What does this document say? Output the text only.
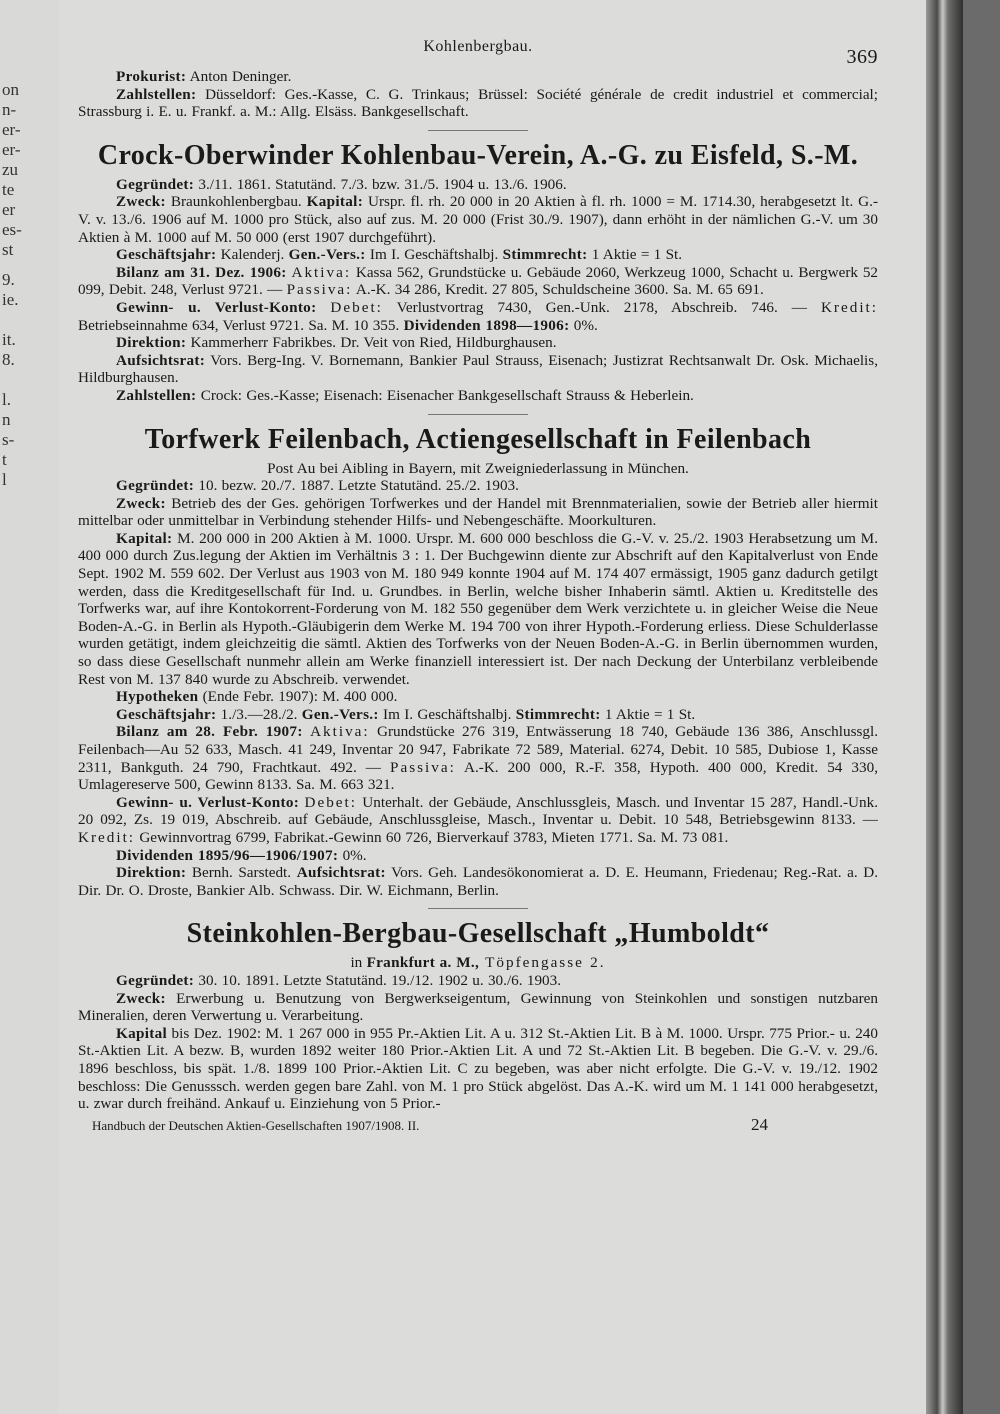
on
n-
er-
er-
zu
te
er
es-
st
9.
ie.
it.
8.
l.
n
s-
t
l
Kohlenbergbau.	369

Prokurist: Anton Deninger.

Zahlstellen: Düsseldorf: Ges.-Kasse, C. G. Trinkaus; Brüssel: Société générale de credit industriel et commercial; Strassburg i. E. u. Frankf. a. M.: Allg. Elsäss. Bankgesellschaft.

Crock-Oberwinder Kohlenbau-Verein, A.-G. zu Eisfeld, S.-M.

Gegründet: 3./11. 1861. Statutänd. 7./3. bzw. 31./5. 1904 u. 13./6. 1906.

Zweck: Braunkohlenbergbau. Kapital: Urspr. fl. rh. 20 000 in 20 Aktien à fl. rh. 1000 = M. 1714.30, herabgesetzt lt. G.-V. v. 13./6. 1906 auf M. 1000 pro Stück, also auf zus. M. 20 000 (Frist 30./9. 1907), dann erhöht in der nämlichen G.-V. um 30 Aktien à M. 1000 auf M. 50 000 (erst 1907 durchgeführt).

Geschäftsjahr: Kalenderj. Gen.-Vers.: Im I. Geschäftshalbj. Stimmrecht: 1 Aktie = 1 St.

Bilanz am 31. Dez. 1906: Aktiva: Kassa 562, Grundstücke u. Gebäude 2060, Werkzeug 1000, Schacht u. Bergwerk 52 099, Debit. 248, Verlust 9721. — Passiva: A.-K. 34 286, Kredit. 27 805, Schuldscheine 3600. Sa. M. 65 691.

Gewinn- u. Verlust-Konto: Debet: Verlustvortrag 7430, Gen.-Unk. 2178, Abschreib. 746. — Kredit: Betriebseinnahme 634, Verlust 9721. Sa. M. 10 355. Dividenden 1898—1906: 0%.

Direktion: Kammerherr Fabrikbes. Dr. Veit von Ried, Hildburghausen.

Aufsichtsrat: Vors. Berg-Ing. V. Bornemann, Bankier Paul Strauss, Eisenach; Justizrat Rechtsanwalt Dr. Osk. Michaelis, Hildburghausen.

Zahlstellen: Crock: Ges.-Kasse; Eisenach: Eisenacher Bankgesellschaft Strauss & Heberlein.

Torfwerk Feilenbach, Actiengesellschaft in Feilenbach

Post Au bei Aibling in Bayern, mit Zweigniederlassung in München.

Gegründet: 10. bezw. 20./7. 1887. Letzte Statutänd. 25./2. 1903.

Zweck: Betrieb des der Ges. gehörigen Torfwerkes und der Handel mit Brennmaterialien, sowie der Betrieb aller hiermit mittelbar oder unmittelbar in Verbindung stehender Hilfs- und Nebengeschäfte. Moorkulturen.

Kapital: M. 200 000 in 200 Aktien à M. 1000. Urspr. M. 600 000 beschloss die G.-V. v. 25./2. 1903 Herabsetzung um M. 400 000 durch Zus.legung der Aktien im Verhältnis 3 : 1. Der Buchgewinn diente zur Abschrift auf den Kapitalverlust von Ende Sept. 1902 M. 559 602. Der Verlust aus 1903 von M. 180 949 konnte 1904 auf M. 174 407 ermässigt, 1905 ganz dadurch getilgt werden, dass die Kreditgesellschaft für Ind. u. Grundbes. in Berlin, welche bisher Inhaberin sämtl. Aktien u. Kreditstelle des Torfwerks war, auf ihre Kontokorrent-Forderung von M. 182 550 gegenüber dem Werk verzichtete u. in gleicher Weise die Neue Boden-A.-G. in Berlin als Hypoth.-Gläubigerin dem Werke M. 194 700 von ihrer Hypoth.-Forderung erliess. Diese Schulderlasse wurden getätigt, indem gleichzeitig die sämtl. Aktien des Torfwerks von der Neuen Boden-A.-G. in Berlin übernommen wurden, so dass diese Gesellschaft nunmehr allein am Werke finanziell interessiert ist. Der nach Deckung der Unterbilanz verbleibende Rest von M. 137 840 wurde zu Abschreib. verwendet.

Hypotheken (Ende Febr. 1907): M. 400 000.

Geschäftsjahr: 1./3.—28./2. Gen.-Vers.: Im I. Geschäftshalbj. Stimmrecht: 1 Aktie = 1 St.

Bilanz am 28. Febr. 1907: Aktiva: Grundstücke 276 319, Entwässerung 18 740, Gebäude 136 386, Anschlussgl. Feilenbach—Au 52 633, Masch. 41 249, Inventar 20 947, Fabrikate 72 589, Material. 6274, Debit. 10 585, Dubiose 1, Kasse 2311, Bankguth. 24 790, Frachtkaut. 492. — Passiva: A.-K. 200 000, R.-F. 358, Hypoth. 400 000, Kredit. 54 330, Umlagereserve 500, Gewinn 8133. Sa. M. 663 321.

Gewinn- u. Verlust-Konto: Debet: Unterhalt. der Gebäude, Anschlussgleis, Masch. und Inventar 15 287, Handl.-Unk. 20 092, Zs. 19 019, Abschreib. auf Gebäude, Anschlussgleise, Masch., Inventar u. Debit. 10 548, Betriebsgewinn 8133. — Kredit: Gewinnvortrag 6799, Fabrikat.-Gewinn 60 726, Bierverkauf 3783, Mieten 1771. Sa. M. 73 081.

Dividenden 1895/96—1906/1907: 0%.

Direktion: Bernh. Sarstedt. Aufsichtsrat: Vors. Geh. Landesökonomierat a. D. E. Heumann, Friedenau; Reg.-Rat. a. D. Dir. Dr. O. Droste, Bankier Alb. Schwass. Dir. W. Eichmann, Berlin.

Steinkohlen-Bergbau-Gesellschaft „Humboldt“

in Frankfurt a. M., Töpfengasse 2.

Gegründet: 30. 10. 1891. Letzte Statutänd. 19./12. 1902 u. 30./6. 1903.

Zweck: Erwerbung u. Benutzung von Bergwerkseigentum, Gewinnung von Steinkohlen und sonstigen nutzbaren Mineralien, deren Verwertung u. Verarbeitung.

Kapital bis Dez. 1902: M. 1 267 000 in 955 Pr.-Aktien Lit. A u. 312 St.-Aktien Lit. B à M. 1000. Urspr. 775 Prior.- u. 240 St.-Aktien Lit. A bezw. B, wurden 1892 weiter 180 Prior.-Aktien Lit. A und 72 St.-Aktien Lit. B begeben. Die G.-V. v. 29./6. 1896 beschloss, bis spät. 1./8. 1899 100 Prior.-Aktien Lit. C zu begeben, was aber nicht erfolgte. Die G.-V. v. 19./12. 1902 beschloss: Die Genusssch. werden gegen bare Zahl. von M. 1 pro Stück abgelöst. Das A.-K. wird um M. 1 141 000 herabgesetzt, u. zwar durch freihänd. Ankauf u. Einziehung von 5 Prior.-

Handbuch der Deutschen Aktien-Gesellschaften 1907/1908. II.	24
